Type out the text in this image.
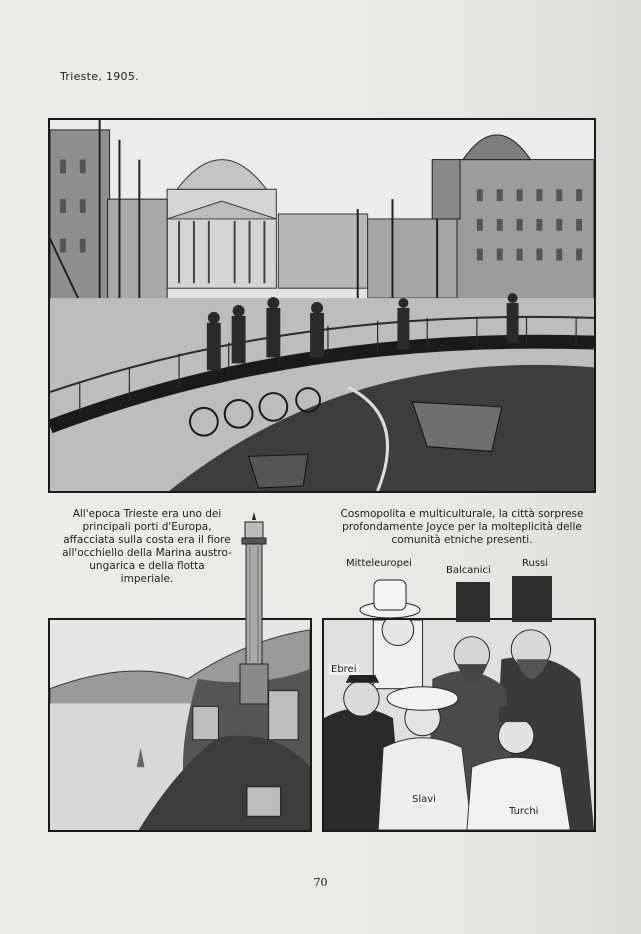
Trieste, 1905.
All'epoca Trieste era uno dei principali porti d'Europa, affacciata sulla costa era il fiore all'occhiello della Marina austro-ungarica e della flotta imperiale.
Cosmopolita e multiculturale, la città sorprese profondamente Joyce per la molteplicità delle comunità etniche presenti.
Mitteleuropei
Balcanici
Russi
Ebrei
Slavi
Turchi
70
